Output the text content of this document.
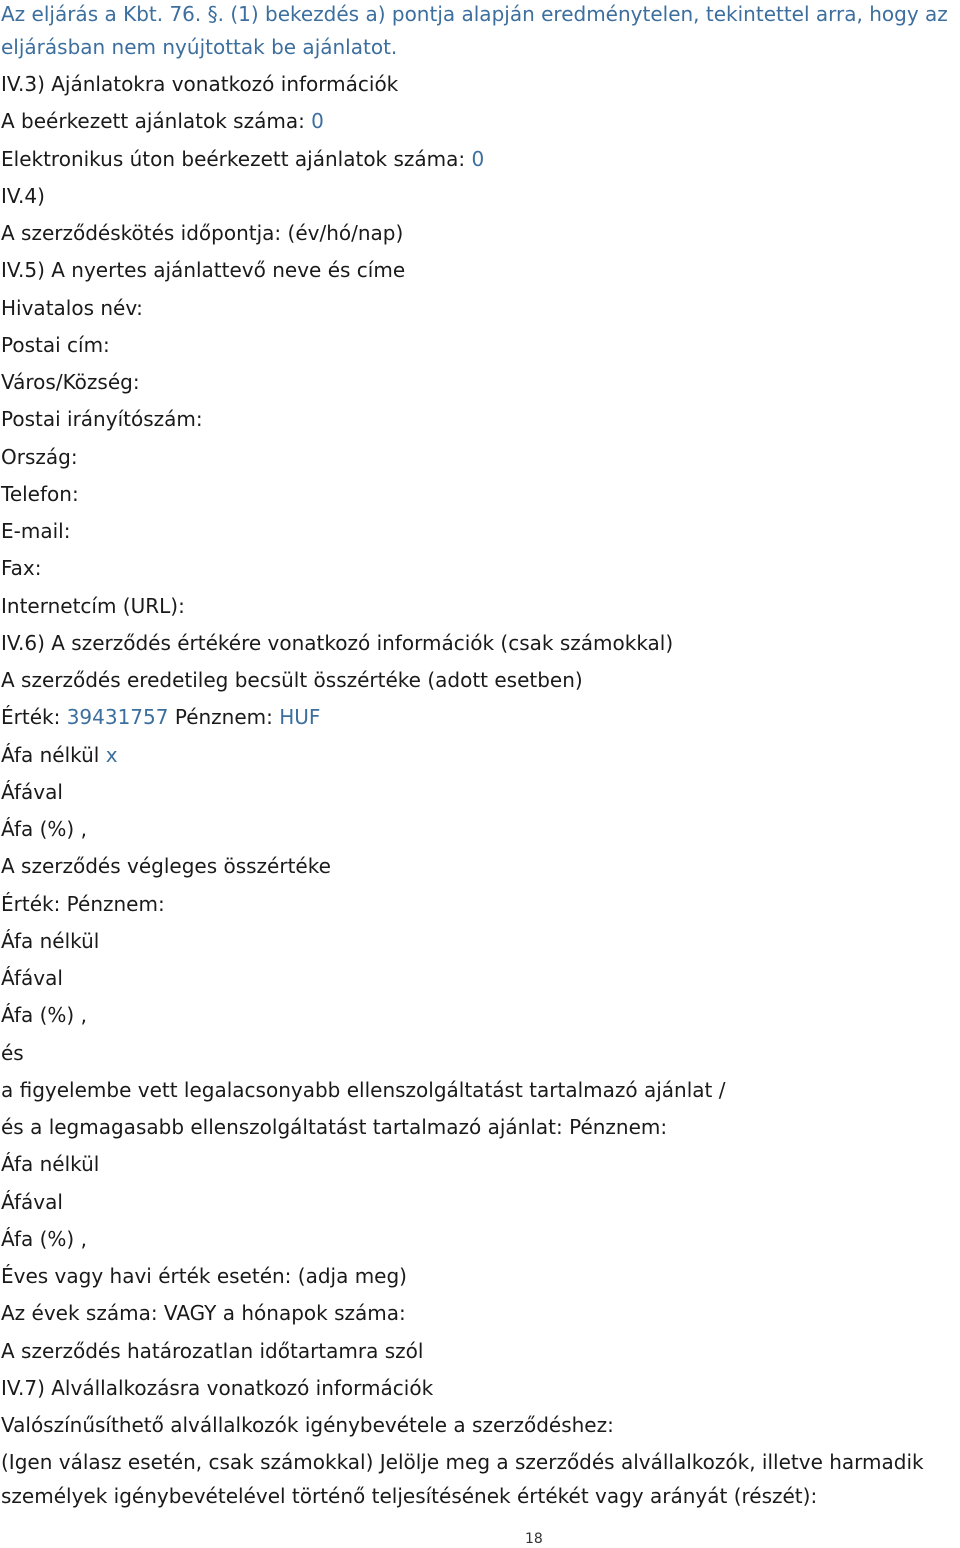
Az eljárás a Kbt. 76. §. (1) bekezdés a) pontja alapján eredménytelen, tekintettel arra, hogy az
eljárásban nem nyújtottak be ajánlatot.
IV.3) Ajánlatokra vonatkozó információk
A beérkezett ajánlatok száma: 0
Elektronikus úton beérkezett ajánlatok száma: 0
IV.4)
A szerződéskötés időpontja: (év/hó/nap)
IV.5) A nyertes ajánlattevő neve és címe
Hivatalos név:
Postai cím:
Város/Község:
Postai irányítószám:
Ország:
Telefon:
E-mail:
Fax:
Internetcím (URL):
IV.6) A szerződés értékére vonatkozó információk (csak számokkal)
A szerződés eredetileg becsült összértéke (adott esetben)
Érték: 39431757 Pénznem: HUF
Áfa nélkül x
Áfával
Áfa (%) ,
A szerződés végleges összértéke
Érték: Pénznem:
Áfa nélkül
Áfával
Áfa (%) ,
és
a figyelembe vett legalacsonyabb ellenszolgáltatást tartalmazó ajánlat /
és a legmagasabb ellenszolgáltatást tartalmazó ajánlat: Pénznem:
Áfa nélkül
Áfával
Áfa (%) ,
Éves vagy havi érték esetén: (adja meg)
Az évek száma: VAGY a hónapok száma:
A szerződés határozatlan időtartamra szól
IV.7) Alvállalkozásra vonatkozó információk
Valószínűsíthető alvállalkozók igénybevétele a szerződéshez:
(Igen válasz esetén, csak számokkal) Jelölje meg a szerződés alvállalkozók, illetve harmadik
személyek igénybevételével történő teljesítésének értékét vagy arányát (részét):
18
